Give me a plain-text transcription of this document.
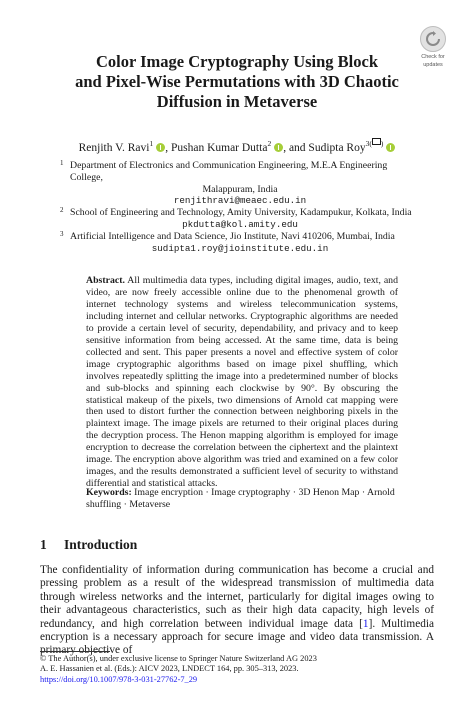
Check for
updates
Color Image Cryptography Using Block
and Pixel-Wise Permutations with 3D Chaotic
Diffusion in Metaverse
Renjith V. Ravi$^1$ , Pushan Kumar Dutta$^2$ , and Sudipta Roy$^{3( )}$
1 Department of Electronics and Communication Engineering, M.E.A Engineering College,
Malappuram, India
renjithravi@meaec.edu.in
2 School of Engineering and Technology, Amity University, Kadampukur, Kolkata, India
pkdutta@kol.amity.edu
3 Artificial Intelligence and Data Science, Jio Institute, Navi 410206, Mumbai, India
sudipta1.roy@jioinstitute.edu.in

Abstract. All multimedia data types, including digital images, audio, text, and video, are now freely accessible online due to the phenomenal growth of internet technology systems and wireless telecommunication systems, including internet and cellular networks. Cryptographic algorithms are needed to provide a certain level of security, dependability, and privacy and to keep sensitive information from being accessed. At the same time, data is being collected and sent. This paper presents a novel and effective system of color image cryptographic algorithms based on image pixel shuffling, which involves repeatedly splitting the image into a predetermined number of blocks and sub-blocks and spinning each clockwise by 90°. By obscuring the statistical makeup of the pixels, two dimensions of Arnold cat mapping were then used to distort further the connection between neighboring pixels in the plaintext image. The image pixels are returned to their original places during the decryption process. The Henon mapping algorithm is employed for image encryption to decrease the correlation between the ciphertext and the plaintext image. The encryption above algorithm was tried and examined on a few color images, and the results demonstrated a sufficient level of security to withstand differential and statistical attacks.

Keywords: Image encryption · Image cryptography · 3D Henon Map · Arnold shuffling · Metaverse
1 Introduction

The confidentiality of information during communication has become a crucial and pressing problem as a result of the widespread transmission of multimedia data through wireless networks and the internet, particularly for digital images owing to their advantageous characteristics, such as their high data capacity, high levels of redundancy, and high correlation between individual image data [1]. Multimedia encryption is a necessary approach for secure image and video data transmission. A primary objective of

© The Author(s), under exclusive license to Springer Nature Switzerland AG 2023
A. E. Hassanien et al. (Eds.): AICV 2023, LNDECT 164, pp. 305–313, 2023.
https://doi.org/10.1007/978-3-031-27762-7_29
